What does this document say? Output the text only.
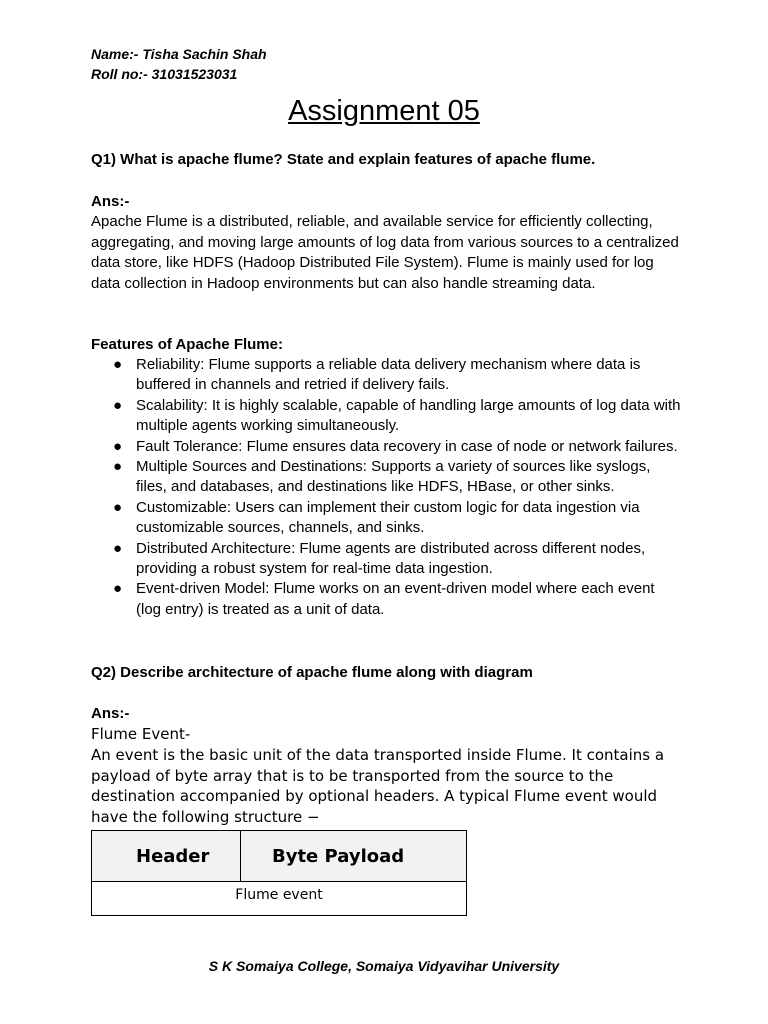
Name:- Tisha Sachin Shah
Roll no:- 31031523031
Assignment 05
Q1) What is apache flume? State and explain features of apache flume.
Ans:-
Apache Flume is a distributed, reliable, and available service for efficiently collecting, aggregating, and moving large amounts of log data from various sources to a centralized data store, like HDFS (Hadoop Distributed File System). Flume is mainly used for log data collection in Hadoop environments but can also handle streaming data.
Features of Apache Flume:
● Reliability: Flume supports a reliable data delivery mechanism where data is buffered in channels and retried if delivery fails.
● Scalability: It is highly scalable, capable of handling large amounts of log data with multiple agents working simultaneously.
● Fault Tolerance: Flume ensures data recovery in case of node or network failures.
● Multiple Sources and Destinations: Supports a variety of sources like syslogs, files, and databases, and destinations like HDFS, HBase, or other sinks.
● Customizable: Users can implement their custom logic for data ingestion via customizable sources, channels, and sinks.
● Distributed Architecture: Flume agents are distributed across different nodes, providing a robust system for real-time data ingestion.
● Event-driven Model: Flume works on an event-driven model where each event (log entry) is treated as a unit of data.
Q2) Describe architecture of apache flume along with diagram
Ans:-
Flume Event-
An event is the basic unit of the data transported inside Flume. It contains a payload of byte array that is to be transported from the source to the destination accompanied by optional headers. A typical Flume event would have the following structure −
Header	Byte Payload
Flume event
S K Somaiya College, Somaiya Vidyavihar University
